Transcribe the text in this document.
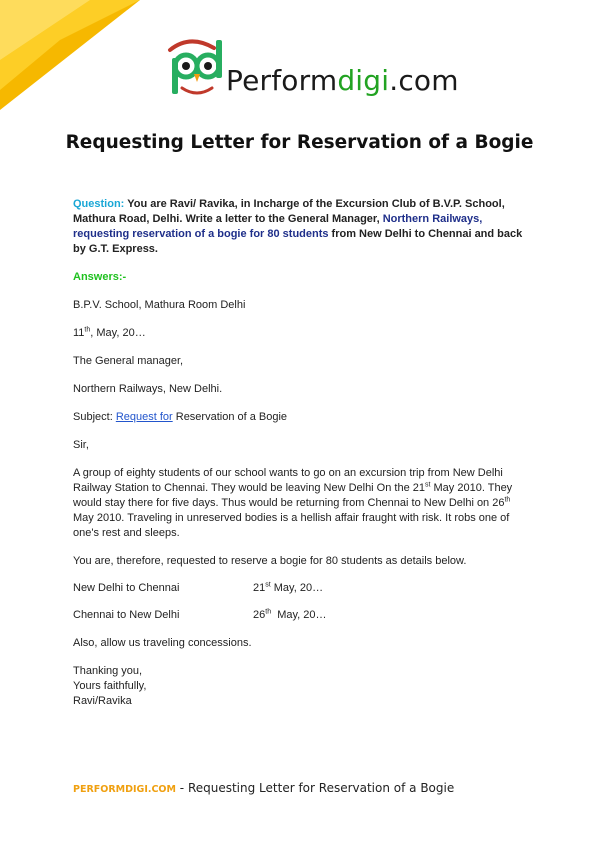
Performdigi.com
Requesting Letter for Reservation of a Bogie

Question: You are Ravi/ Ravika, in Incharge of the Excursion Club of B.V.P. School, Mathura Road, Delhi. Write a letter to the General Manager, Northern Railways, requesting reservation of a bogie for 80 students from New Delhi to Chennai and back by G.T. Express.

Answers:-

B.P.V. School, Mathura Room Delhi

11th, May, 20…

The General manager,

Northern Railways, New Delhi.

Subject: Request for Reservation of a Bogie

Sir,

A group of eighty students of our school wants to go on an excursion trip from New Delhi Railway Station to Chennai. They would be leaving New Delhi On the 21st May 2010. They would stay there for five days. Thus would be returning from Chennai to New Delhi on 26th May 2010. Traveling in unreserved bodies is a hellish affair fraught with risk. It robs one of one's rest and sleeps.

You are, therefore, requested to reserve a bogie for 80 students as details below.

New Delhi to Chennai	21st May, 20…
Chennai to New Delhi	26th  May, 20…

Also, allow us traveling concessions.

Thanking you,

Yours faithfully,

Ravi/Ravika

PERFORMDIGI.COM - Requesting Letter for Reservation of a Bogie
